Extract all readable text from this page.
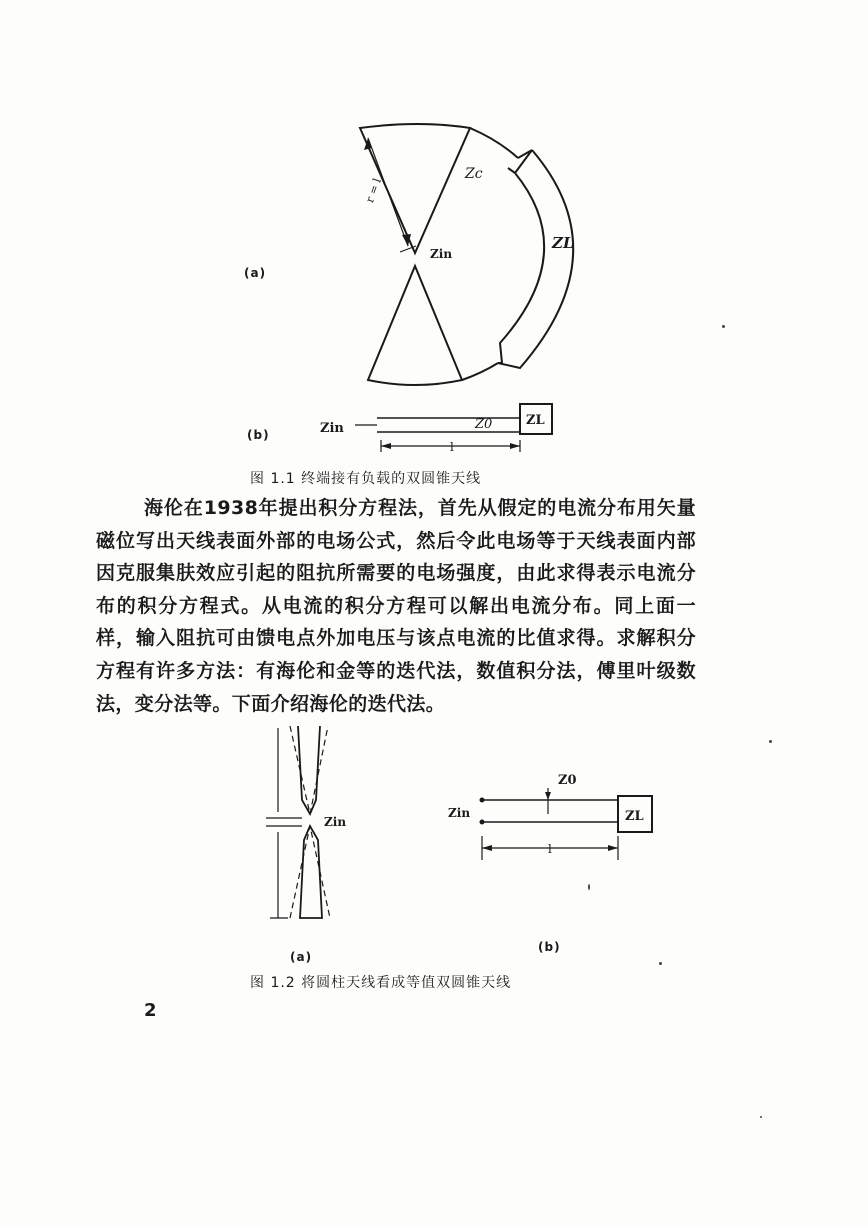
r = l
Zc
ZL
Zin
(a)
Zin
ZL
Z0
l
(b)
图 1.1 终端接有负载的双圆锥天线

海伦在1938年提出积分方程法，首先从假定的电流分布用矢量磁位写出天线表面外部的电场公式，然后令此电场等于天线表面内部因克服集肤效应引起的阻抗所需要的电场强度，由此求得表示电流分布的积分方程式。从电流的积分方程可以解出电流分布。同上面一样，输入阻抗可由馈电点外加电压与该点电流的比值求得。求解积分方程有许多方法：有海伦和金等的迭代法，数值积分法，傅里叶级数法，变分法等。下面介绍海伦的迭代法。

Zin
(a)
Z0
Zin	ZL
l
(b)
图 1.2 将圆柱天线看成等值双圆锥天线
2
